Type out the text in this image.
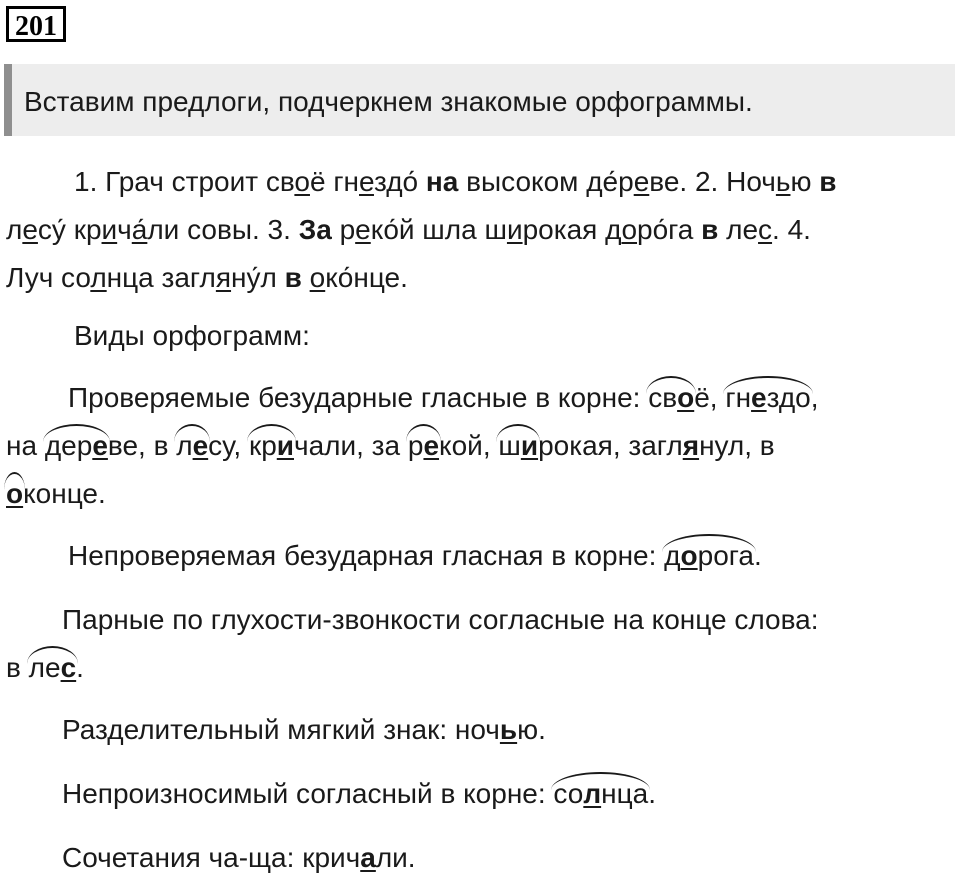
201
Вставим предлоги, подчеркнем знакомые орфограммы.
1. Грач строит своё гнездо́ на высоком де́реве. 2. Ночью в
лесу́ крича́ли совы. 3. За реко́й шла широкая доро́га в лес. 4.
Луч солнца загляну́л в око́нце.
Виды орфограмм:
Проверяемые безударные гласные в корне: своё, гнездо,
на дереве, в лесу, кричали, за рекой, широкая, заглянул, в
оконце.
Непроверяемая безударная гласная в корне: дорога.
Парные по глухости-звонкости согласные на конце слова:
в лес.
Разделительный мягкий знак: ночью.
Непроизносимый согласный в корне: солнца.
Сочетания ча-ща: кричали.
